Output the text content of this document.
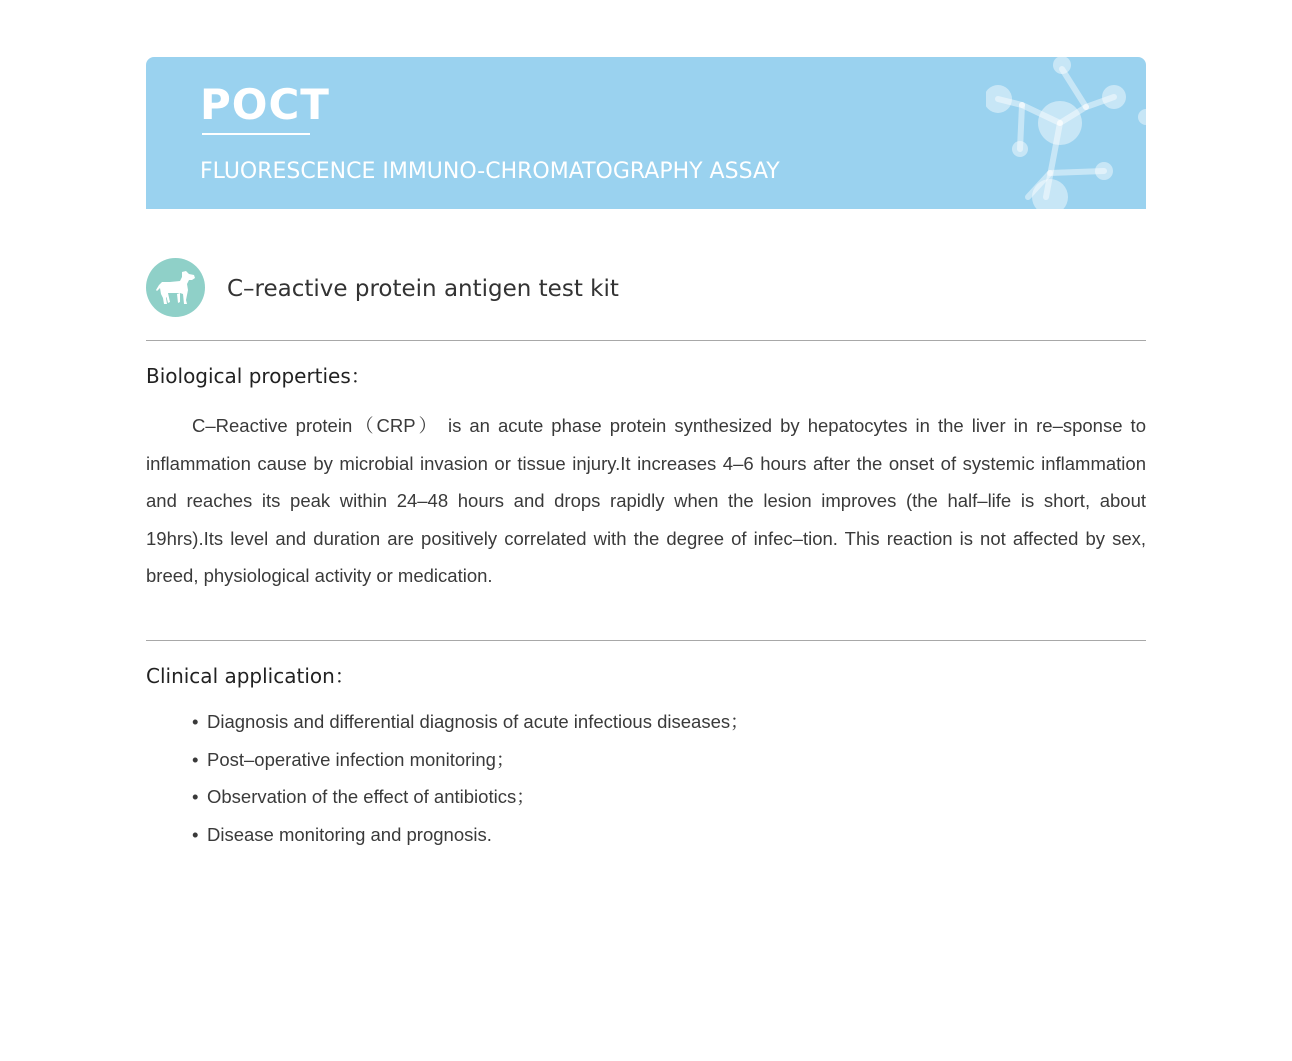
POCT
FLUORESCENCE IMMUNO-CHROMATOGRAPHY ASSAY
C–reactive protein antigen test kit
Biological properties：

C–Reactive protein（CRP） is an acute phase protein synthesized by hepatocytes in the liver in re–sponse to inflammation cause by microbial invasion or tissue injury.It increases 4–6 hours after the onset of systemic inflammation and reaches its peak within 24–48 hours and drops rapidly when the lesion improves (the half–life is short, about 19hrs).Its level and duration are positively correlated with the degree of infec–tion. This reaction is not affected by sex, breed, physiological activity or medication.

Clinical application：
• Diagnosis and differential diagnosis of acute infectious diseases；
• Post–operative infection monitoring；
• Observation of the effect of antibiotics；
• Disease monitoring and prognosis.
